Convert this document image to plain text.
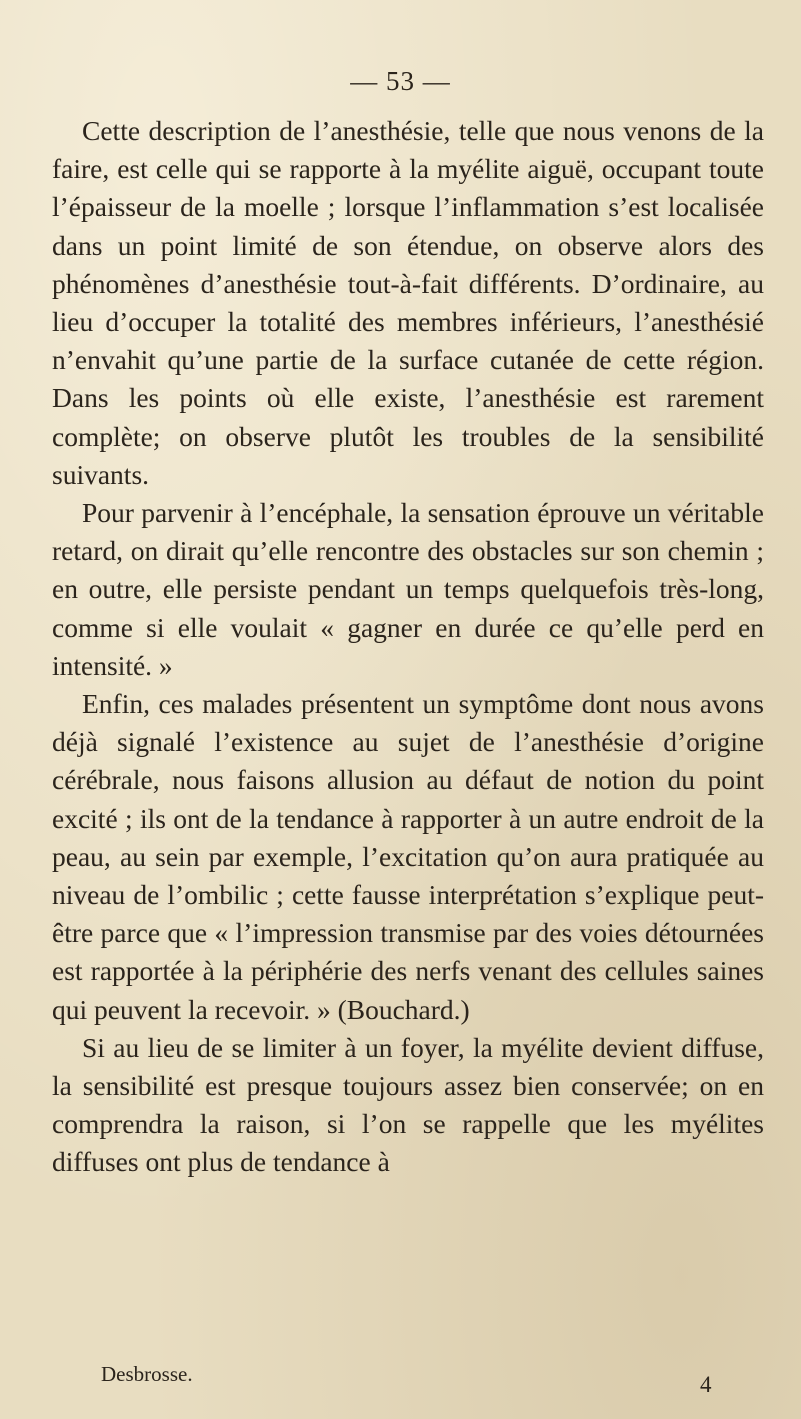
— 53 —

Cette description de l’anesthésie, telle que nous venons de la faire, est celle qui se rapporte à la myélite aiguë, occupant toute l’épaisseur de la moelle ; lorsque l’inflammation s’est localisée dans un point limité de son étendue, on observe alors des phénomènes d’anesthésie tout-à-fait différents. D’ordinaire, au lieu d’occuper la totalité des membres inférieurs, l’anesthésié n’envahit qu’une partie de la surface cutanée de cette région. Dans les points où elle existe, l’anesthésie est rarement complète; on observe plutôt les troubles de la sensibilité suivants.

Pour parvenir à l’encéphale, la sensation éprouve un véritable retard, on dirait qu’elle rencontre des obstacles sur son chemin ; en outre, elle persiste pendant un temps quelquefois très-long, comme si elle voulait « gagner en durée ce qu’elle perd en intensité. »

Enfin, ces malades présentent un symptôme dont nous avons déjà signalé l’existence au sujet de l’anesthésie d’origine cérébrale, nous faisons allusion au défaut de notion du point excité ; ils ont de la tendance à rapporter à un autre endroit de la peau, au sein par exemple, l’excitation qu’on aura pratiquée au niveau de l’ombilic ; cette fausse interprétation s’explique peut-être parce que « l’impression transmise par des voies détournées est rapportée à la périphérie des nerfs venant des cellules saines qui peuvent la recevoir. » (Bouchard.)

Si au lieu de se limiter à un foyer, la myélite devient diffuse, la sensibilité est presque toujours assez bien conservée; on en comprendra la raison, si l’on se rappelle que les myélites diffuses ont plus de tendance à

Desbrosse.	4
